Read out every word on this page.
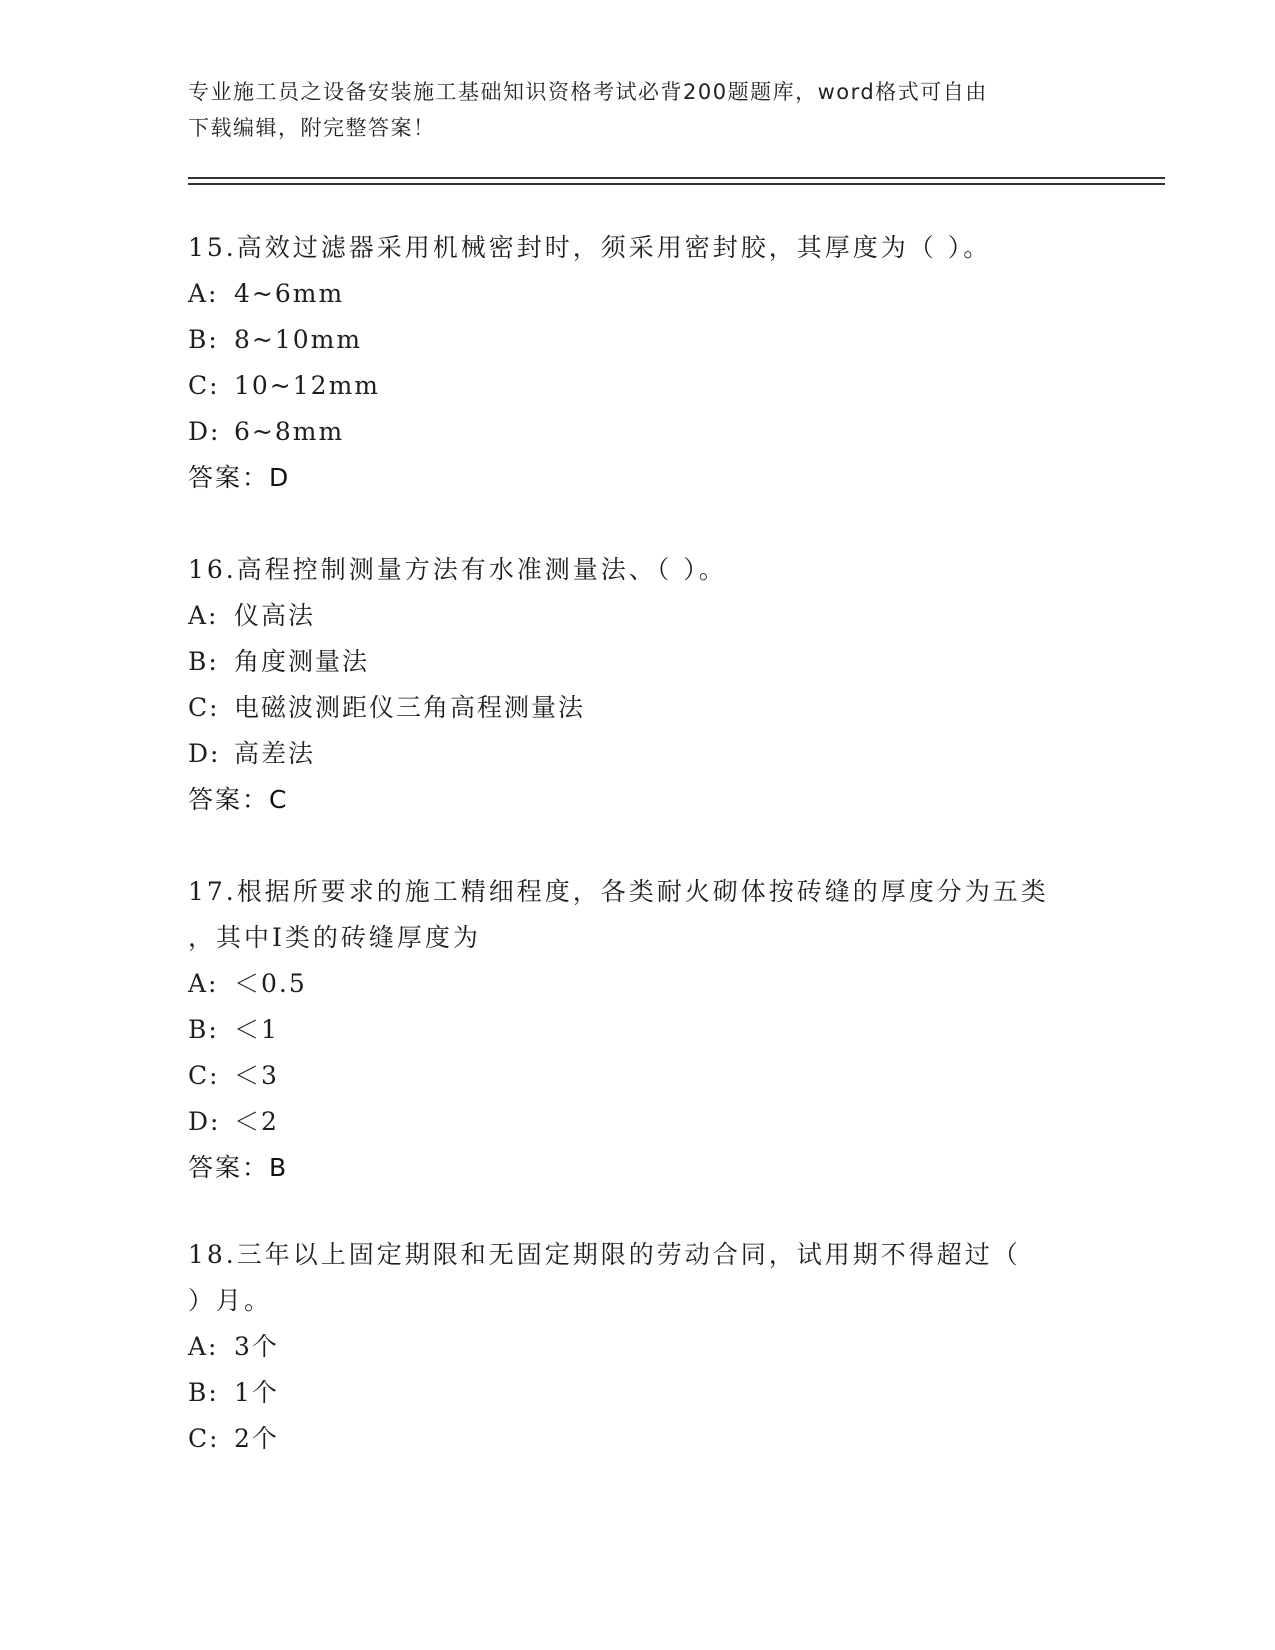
专业施工员之设备安装施工基础知识资格考试必背200题题库，word格式可自由
下载编辑，附完整答案！

15.高效过滤器采用机械密封时，须采用密封胶，其厚度为（ ）。

A: 4~6mm

B: 8~10mm

C: 10~12mm

D: 6~8mm

答案：D

16.高程控制测量方法有水准测量法、（ ）。

A: 仪高法

B: 角度测量法

C: 电磁波测距仪三角高程测量法

D: 高差法

答案：C

17.根据所要求的施工精细程度，各类耐火砌体按砖缝的厚度分为五类

，其中Ⅰ类的砖缝厚度为

A: ＜0.5

B: ＜1

C: ＜3

D: ＜2

答案：B

18.三年以上固定期限和无固定期限的劳动合同，试用期不得超过（

）月。

A: 3个

B: 1个

C: 2个
